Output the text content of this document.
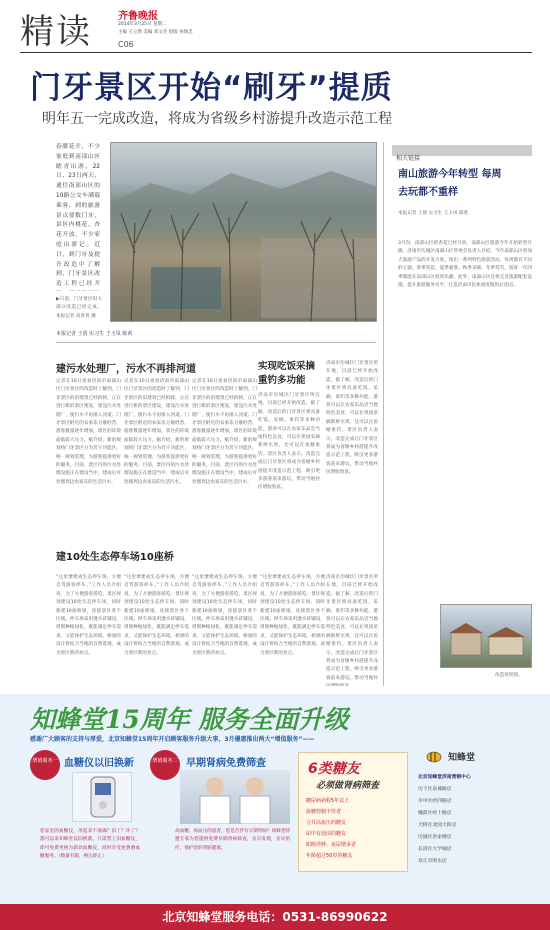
精读	齐鲁晚报
2014年3月25日 星期二
主编 王立然 美编 邓文杰 组版 孙保忠
C06
门牙景区开始“刷牙”提质
明年五一完成改造，将成为省级乡村游提升改造示范工程
春暖花开，不少家庭到南部山区踏青出游。22日、23日两天，通往南部山区的10路公交车满载乘客。到的旅游景点要数门牙，景区内桃花、杏花开放，不少家庭出游记。近日，到门牙及提升改造中了解到，门牙景区改造工程已经开
▶日前，门牙景区旧大部分改造已经完成。 本报记者 高青青 摄
本报记者 王倩 实习生 王玉凤 陈黄
建污水处理厂，污水不再排河道
记者在10日查看济南市南部山区门牙景区的改造时了解到，门牙景区的旧建筑已经拆除，正在进行新的景区建设，建设污水处理厂，使污水不再排入河道。门牙景区附近的农家乐分散经营，游客数量逐年增加，景区的环境面临较大压力。据介绍，新的规划将门牙景区分为若干功能区，统一规划管理，为游客提供更好的服务。目前，景区内的污水处理设施正在建设当中，建成后可处理周边农家乐的生活污水。
记者在10日查看济南市南部山区门牙景区的改造时了解到，门牙景区的旧建筑已经拆除，正在进行新的景区建设，建设污水处理厂，使污水不再排入河道。门牙景区附近的农家乐分散经营，游客数量逐年增加，景区的环境面临较大压力。据介绍，新的规划将门牙景区分为若干功能区，统一规划管理，为游客提供更好的服务。目前，景区内的污水处理设施正在建设当中，建成后可处理周边农家乐的生活污水。
记者在10日查看济南市南部山区门牙景区的改造时了解到，门牙景区的旧建筑已经拆除，正在进行新的景区建设，建设污水处理厂，使污水不再排入河道。门牙景区附近的农家乐分散经营，游客数量逐年增加，景区的环境面临较大压力。据介绍，新的规划将门牙景区分为若干功能区，统一规划管理，为游客提供更好的服务。目前，景区内的污水处理设施正在建设当中，建成后可处理周边农家乐的生活污水。
建10处生态停车场10座桥
“这里要建成生态停车场，方便自驾游客停车。”工作人员介绍说，为了方便游客游览，景区规划建设10处生态停车场，同时新建10座桥梁，连接景区各个区域。停车场采用透水砖铺设，周围种植绿化，既能满足停车需求，又能保护生态环境。桥梁的设计将结合当地的自然景观，成为景区新的亮点。
“这里要建成生态停车场，方便自驾游客停车。”工作人员介绍说，为了方便游客游览，景区规划建设10处生态停车场，同时新建10座桥梁，连接景区各个区域。停车场采用透水砖铺设，周围种植绿化，既能满足停车需求，又能保护生态环境。桥梁的设计将结合当地的自然景观，成为景区新的亮点。
“这里要建成生态停车场，方便自驾游客停车。”工作人员介绍说，为了方便游客游览，景区规划建设10处生态停车场，同时新建10座桥梁，连接景区各个区域。停车场采用透水砖铺设，周围种植绿化，既能满足停车需求，又能保护生态环境。桥梁的设计将结合当地的自然景观，成为景区新的亮点。
“这里要建成生态停车场，方便自驾游客停车。”工作人员介绍说，为了方便游客游览，景区规划建设10处生态停车场，同时新建10座桥梁，连接景区各个区域。停车场采用透水砖铺设，周围种植绿化，既能满足停车需求，又能保护生态环境。桥梁的设计将结合当地的自然景观，成为景区新的亮点。
实现吃饭采摘重钓多功能
济南市历城区门牙景区所在地，目前已经开始改造。据了解，改造后的门牙景区将具备吃饭、采摘、垂钓等多种功能。游客可以在农家乐品尝当地特色美食，可以在果园采摘新鲜水果，还可以在鱼塘垂钓。景区负责人表示，改造完成后门牙景区将成为省级乡村游提升改造示范工程，吸引更多游客前来游玩，带动当地村民增收致富。
济南市历城区门牙景区所在地，目前已经开始改造。据了解，改造后的门牙景区将具备吃饭、采摘、垂钓等多种功能。游客可以在农家乐品尝当地特色美食，可以在果园采摘新鲜水果，还可以在鱼塘垂钓。景区负责人表示，改造完成后门牙景区将成为省级乡村游提升改造示范工程，吸引更多游客前来游玩，带动当地村民增收致富。
济南市历城区门牙景区所在地，目前已经开始改造。据了解，改造后的门牙景区将具备吃饭、采摘、垂钓等多种功能。游客可以在农家乐品尝当地特色美食，可以在果园采摘新鲜水果，还可以在鱼塘垂钓。景区负责人表示，改造完成后门牙景区将成为省级乡村游提升改造示范工程，吸引更多游客前来游玩，带动当地村
相关链接
南山旅游今年转型 每周去玩都不重样
本报记者 王倩 实习生 王玉凤 陈黄
3月份，南部山区的杏花已经开放，南部山区旅游今年开始转型升级。济南市历城区南部山区管委会负责人介绍，今年南部山区将加大旅游产品的开发力度，推出一系列特色旅游活动，每周都有不同的主题。春季赏花、夏季避暑、秋季采摘、冬季赏雪，游客一年四季都能在南部山区找到乐趣。此外，南部山区还将完善旅游配套设施，提升旅游服务水平，打造济南市民休闲度假的后花园。
改造效果图。
知蜂堂15周年 服务全面升级
感谢广大顾客的支持与厚爱，北京知蜂堂15周年开启顾客服务升级大事，3月優惠推出两大“增值服务”——
增值服务一 血糖仪以旧换新
您家里的血糖仪，用起来不准确？旧了？坏了？都可以来知蜂堂以旧换新。只需带上旧血糖仪，即可免费更换为新款血糖仪，同时享受免费测血糖服务。（数量有限，换完即止）
增值服务二 早期肾病免费筛查
高血糖、高血压的患者，您是否伴有早期肾病？知蜂堂特邀专家为您提供免费早期肾病筛查，及早发现，及早治疗，保护您的肾脏健康。
6类糖友
必须做肾病筛查
糖尿病病程5年以上
血糖控制不佳者
合并高血压的糖友
尿中有泡沫的糖友
眼睑浮肿、夜尿增多者
年龄超过50岁的糖友
知蜂堂
北京知蜂堂济南营销中心
历下区泉城路店
市中区经四路店
槐荫区经十路店
天桥区北园大街店
历城区洪家楼店
长清区大学城店
章丘市明水店
北京知蜂堂服务电话：0531-86990622
